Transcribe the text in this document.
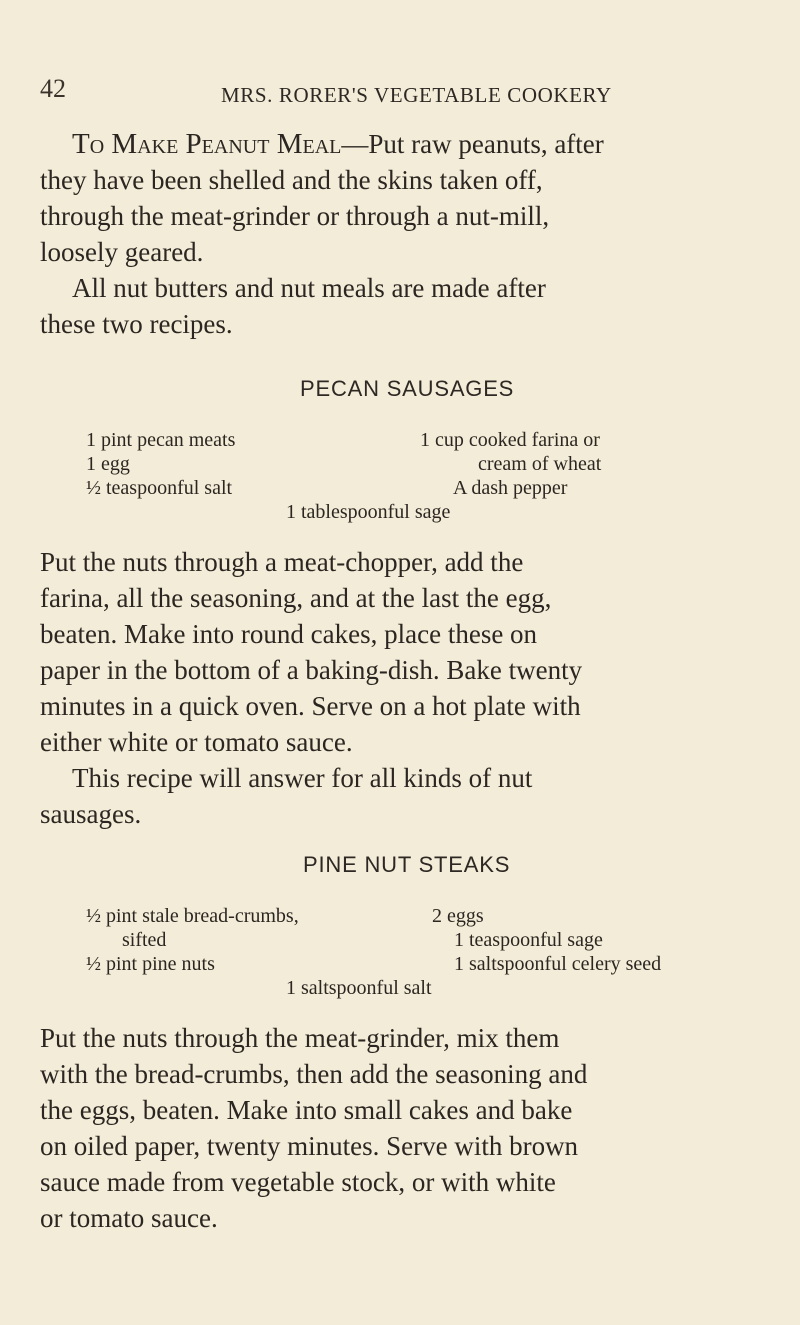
42	MRS. RORER'S VEGETABLE COOKERY
To Make Peanut Meal—Put raw peanuts, after
they have been shelled and the skins taken off,
through the meat-grinder or through a nut-mill,
loosely geared.
All nut butters and nut meals are made after
these two recipes.
PECAN SAUSAGES
1 pint pecan meats
1 egg
½ teaspoonful salt
1 cup cooked farina or
cream of wheat
A dash pepper
1 tablespoonful sage
Put the nuts through a meat-chopper, add the
farina, all the seasoning, and at the last the egg,
beaten. Make into round cakes, place these on
paper in the bottom of a baking-dish. Bake twenty
minutes in a quick oven. Serve on a hot plate with
either white or tomato sauce.
This recipe will answer for all kinds of nut
sausages.
PINE NUT STEAKS
½ pint stale bread-crumbs,
sifted
½ pint pine nuts
2 eggs
1 teaspoonful sage
1 saltspoonful celery seed
1 saltspoonful salt
Put the nuts through the meat-grinder, mix them
with the bread-crumbs, then add the seasoning and
the eggs, beaten. Make into small cakes and bake
on oiled paper, twenty minutes. Serve with brown
sauce made from vegetable stock, or with white
or tomato sauce.
